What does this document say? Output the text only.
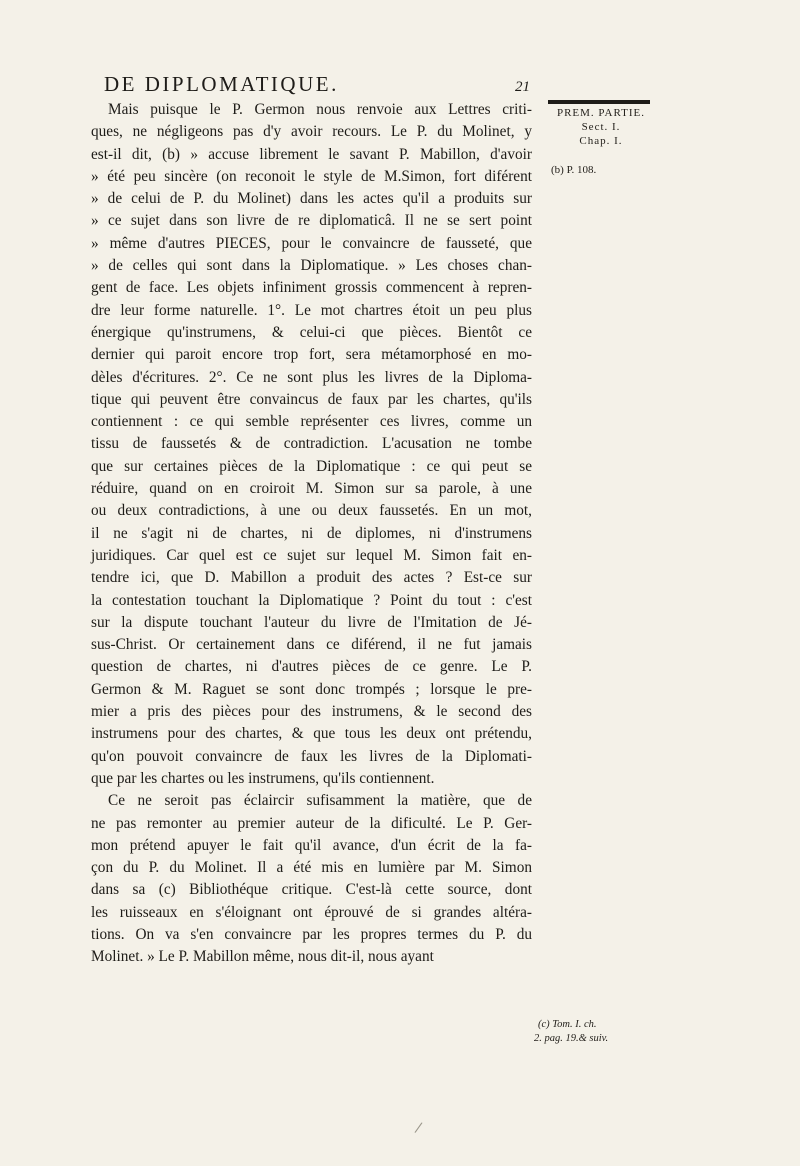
DE DIPLOMATIQUE.	21
PREM. PARTIE.
Sect. I.
Chap. I.
(b) P. 108.
(c) Tom. I. ch.
2. pag. 19.& suiv.
Mais puisque le P. Germon nous renvoie aux Lettres criti-
ques, ne négligeons pas d'y avoir recours. Le P. du Molinet, y
est-il dit, (b) » accuse librement le savant P. Mabillon, d'avoir
» été peu sincère (on reconoit le style de M.Simon, fort diférent
» de celui de P. du Molinet) dans les actes qu'il a produits sur
» ce sujet dans son livre de re diplomaticâ. Il ne se sert point
» même d'autres PIECES, pour le convaincre de fausseté, que
» de celles qui sont dans la Diplomatique. » Les choses chan-
gent de face. Les objets infiniment grossis commencent à repren-
dre leur forme naturelle. 1°. Le mot chartres étoit un peu plus
énergique qu'instrumens, & celui-ci que pièces. Bientôt ce
dernier qui paroit encore trop fort, sera métamorphosé en mo-
dèles d'écritures. 2°. Ce ne sont plus les livres de la Diploma-
tique qui peuvent être convaincus de faux par les chartes, qu'ils
contiennent : ce qui semble représenter ces livres, comme un
tissu de faussetés & de contradiction. L'acusation ne tombe
que sur certaines pièces de la Diplomatique : ce qui peut se
réduire, quand on en croiroit M. Simon sur sa parole, à une
ou deux contradictions, à une ou deux faussetés. En un mot,
il ne s'agit ni de chartes, ni de diplomes, ni d'instrumens
juridiques. Car quel est ce sujet sur lequel M. Simon fait en-
tendre ici, que D. Mabillon a produit des actes ? Est-ce sur
la contestation touchant la Diplomatique ? Point du tout : c'est
sur la dispute touchant l'auteur du livre de l'Imitation de Jé-
sus-Christ. Or certainement dans ce diférend, il ne fut jamais
question de chartes, ni d'autres pièces de ce genre. Le P.
Germon & M. Raguet se sont donc trompés ; lorsque le pre-
mier a pris des pièces pour des instrumens, & le second des
instrumens pour des chartes, & que tous les deux ont prétendu,
qu'on pouvoit convaincre de faux les livres de la Diplomati-
que par les chartes ou les instrumens, qu'ils contiennent.
Ce ne seroit pas éclaircir sufisamment la matière, que de
ne pas remonter au premier auteur de la dificulté. Le P. Ger-
mon prétend apuyer le fait qu'il avance, d'un écrit de la fa-
çon du P. du Molinet. Il a été mis en lumière par M. Simon
dans sa (c) Bibliothéque critique. C'est-là cette source, dont
les ruisseaux en s'éloignant ont éprouvé de si grandes altéra-
tions. On va s'en convaincre par les propres termes du P. du
Molinet. » Le P. Mabillon même, nous dit-il, nous ayant
/
